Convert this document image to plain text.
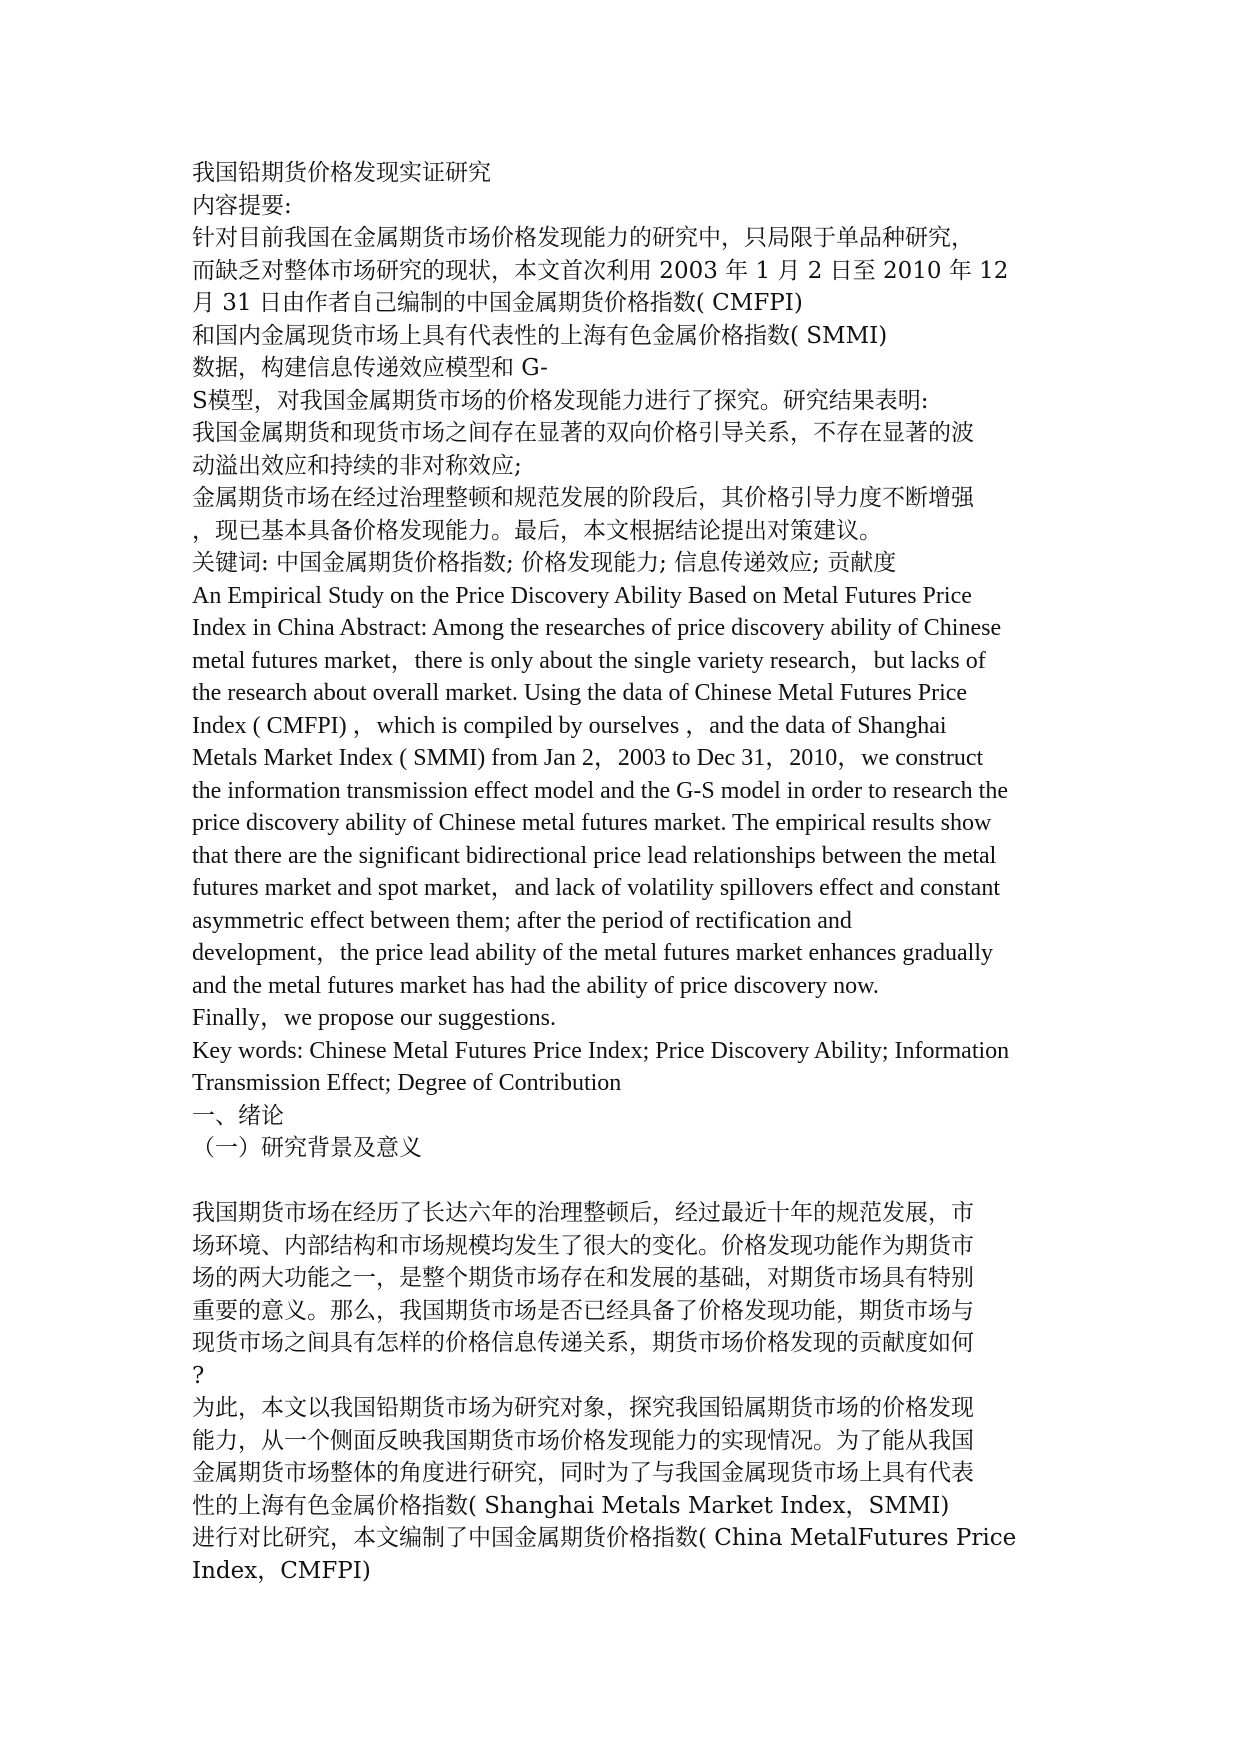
我国铅期货价格发现实证研究
内容提要:
针对目前我国在金属期货市场价格发现能力的研究中，只局限于单品种研究，
而缺乏对整体市场研究的现状，本文首次利用 2003 年 1 月 2 日至 2010 年 12
月 31 日由作者自己编制的中国金属期货价格指数( CMFPI)
和国内金属现货市场上具有代表性的上海有色金属价格指数( SMMI)
数据，构建信息传递效应模型和 G-
S模型，对我国金属期货市场的价格发现能力进行了探究。研究结果表明:
我国金属期货和现货市场之间存在显著的双向价格引导关系，不存在显著的波
动溢出效应和持续的非对称效应;
金属期货市场在经过治理整顿和规范发展的阶段后，其价格引导力度不断增强
，现已基本具备价格发现能力。最后，本文根据结论提出对策建议。
关键词: 中国金属期货价格指数; 价格发现能力; 信息传递效应; 贡献度
An Empirical Study on the Price Discovery Ability Based on Metal Futures Price
Index in China Abstract: Among the researches of price discovery ability of Chinese
metal futures market，there is only about the single variety research，but lacks of
the research about overall market. Using the data of Chinese Metal Futures Price
Index ( CMFPI) ，which is compiled by ourselves ，and the data of Shanghai
Metals Market Index ( SMMI) from Jan 2，2003 to Dec 31，2010，we construct
the information transmission effect model and the G-S model in order to research the
price discovery ability of Chinese metal futures market. The empirical results show
that there are the significant bidirectional price lead relationships between the metal
futures market and spot market，and lack of volatility spillovers effect and constant
asymmetric effect between them; after the period of rectification and
development，the price lead ability of the metal futures market enhances gradually
and the metal futures market has had the ability of price discovery now.
Finally，we propose our suggestions.
Key words: Chinese Metal Futures Price Index; Price Discovery Ability; Information
Transmission Effect; Degree of Contribution
一、绪论
（一）研究背景及意义
我国期货市场在经历了长达六年的治理整顿后，经过最近十年的规范发展，市
场环境、内部结构和市场规模均发生了很大的变化。价格发现功能作为期货市
场的两大功能之一，是整个期货市场存在和发展的基础，对期货市场具有特别
重要的意义。那么，我国期货市场是否已经具备了价格发现功能，期货市场与
现货市场之间具有怎样的价格信息传递关系，期货市场价格发现的贡献度如何
?
为此，本文以我国铅期货市场为研究对象，探究我国铅属期货市场的价格发现
能力，从一个侧面反映我国期货市场价格发现能力的实现情况。为了能从我国
金属期货市场整体的角度进行研究，同时为了与我国金属现货市场上具有代表
性的上海有色金属价格指数( Shanghai Metals Market Index，SMMI)
进行对比研究，本文编制了中国金属期货价格指数( China MetalFutures Price
Index，CMFPI)
